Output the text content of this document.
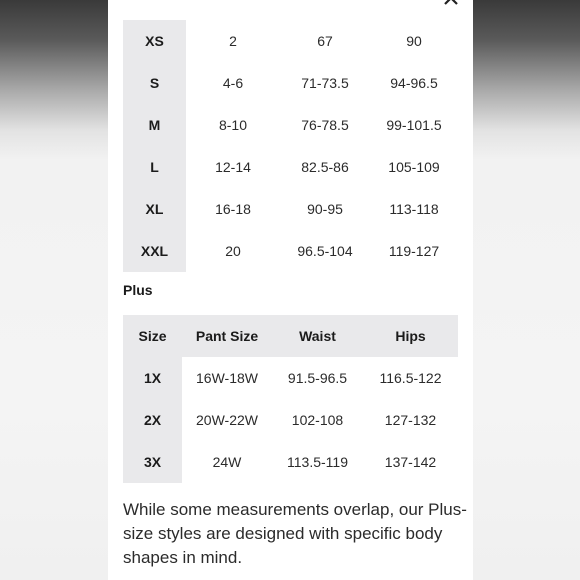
XS	2	67	90
S	4-6	71-73.5	94-96.5
M	8-10	76-78.5	99-101.5
L	12-14	82.5-86	105-109
XL	16-18	90-95	113-118
XXL	20	96.5-104	119-127
Plus
Size	Pant Size	Waist	Hips
1X	16W-18W	91.5-96.5	116.5-122
2X	20W-22W	102-108	127-132
3X	24W	113.5-119	137-142
While some measurements overlap, our Plus-size styles are designed with specific body shapes in mind.
